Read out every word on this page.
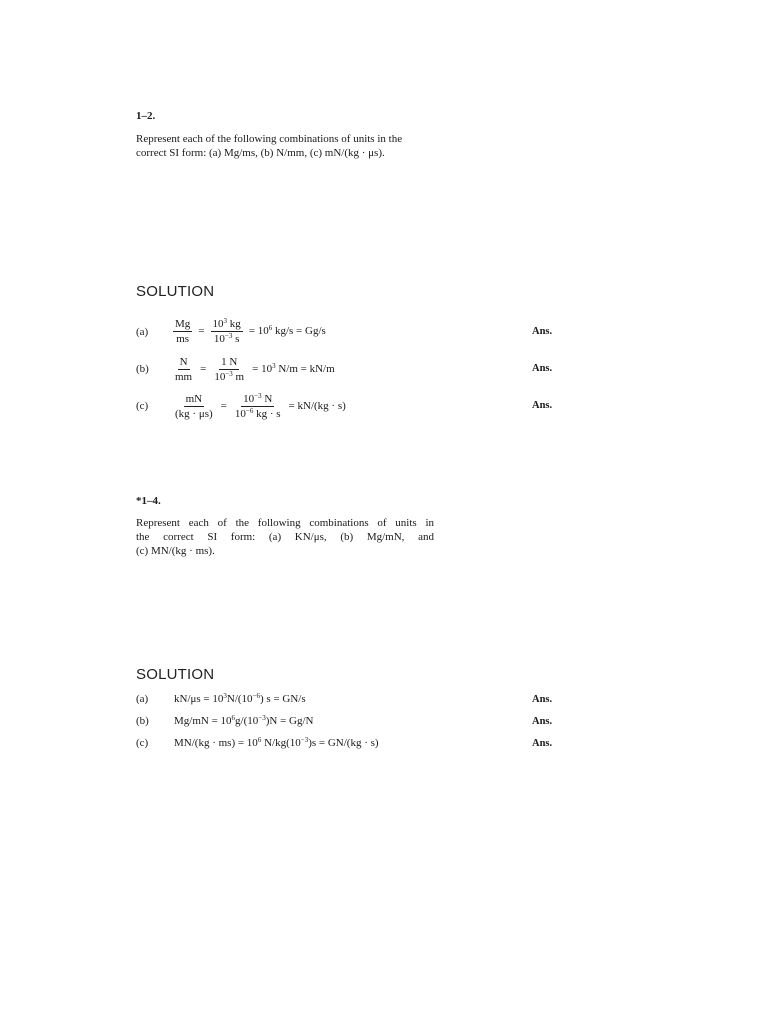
1–2.
Represent each of the following combinations of units in the
correct SI form: (a) Mg/ms, (b) N/mm, (c) mN/(kg · μs).
SOLUTION
$(a) \frac{Mg}{ms} = \frac{10^3 kg}{10^{-3} s} = 10^6$ kg/s = Gg/s	Ans.
$(b) \frac{N}{mm} = \frac{1 N}{10^{-3} m} = 10^3$ N/m = kN/m	Ans.
$(c) \frac{mN}{(kg \cdot \mu s)} = \frac{10^{-3} N}{10^{-6} kg \cdot s} = kN/(kg \cdot s)$	Ans.
*1–4.
Represent each of the following combinations of units in
the correct SI form: (a) KN/μs, (b) Mg/mN, and
(c) MN/(kg · ms).
SOLUTION
(a) $kN/\mu s = 10^3N/(10^{-6}) s = GN/s$	Ans.
(b) $Mg/mN = 10^6g/(10^{-3})N = Gg/N$	Ans.
(c) $MN/(kg \cdot ms) = 10^6$ $N/kg(10^{-3})s = GN/(kg \cdot s)$	Ans.
